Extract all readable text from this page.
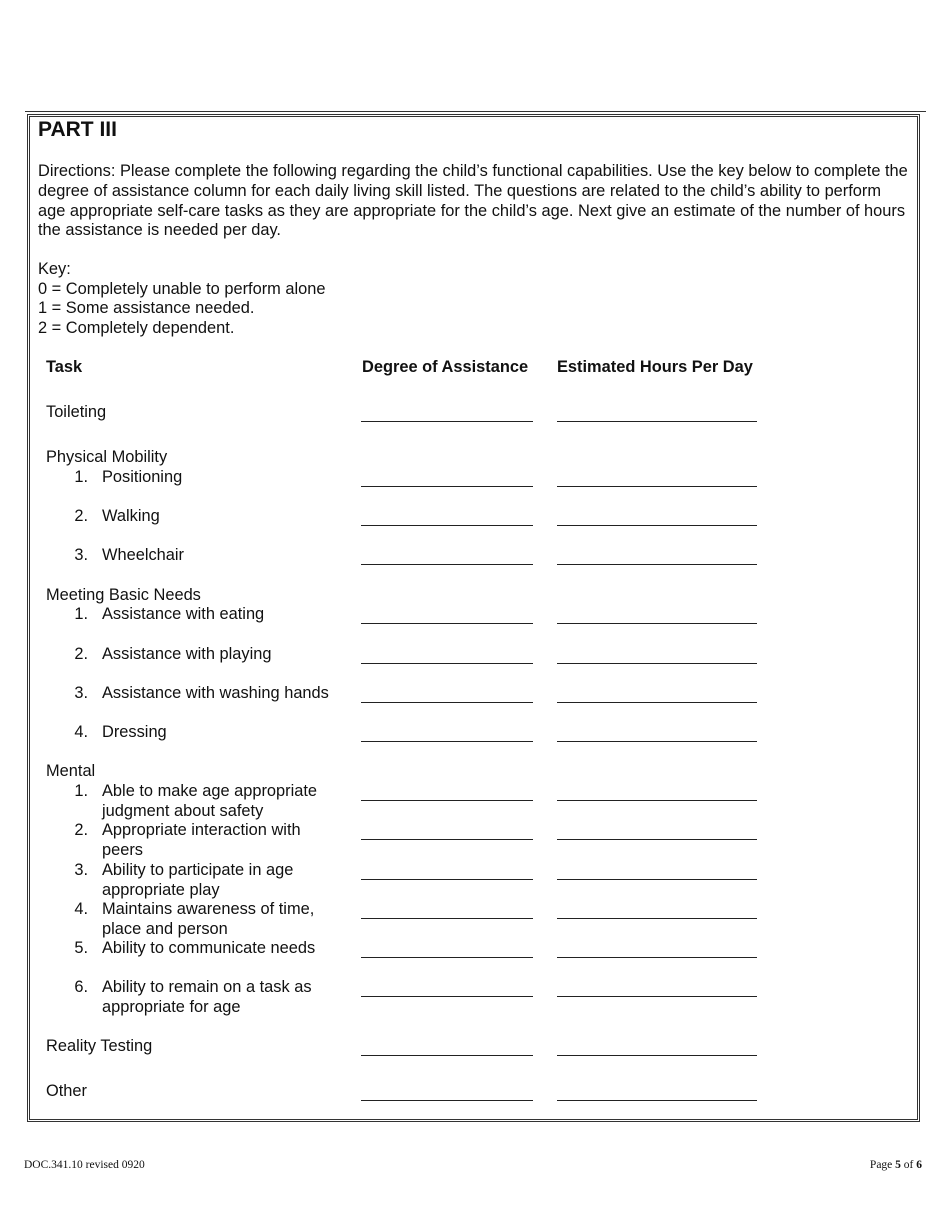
PART III

Directions: Please complete the following regarding the child’s functional capabilities. Use the key below to complete the degree of assistance column for each daily living skill listed. The questions are related to the child’s ability to perform age appropriate self-care tasks as they are appropriate for the child’s age. Next give an estimate of the number of hours the assistance is needed per day.

Key:
0 = Completely unable to perform alone
1 = Some assistance needed.
2 = Completely dependent.
Task	Degree of Assistance Estimated Hours Per Day
Toileting
Physical Mobility
1. Positioning
2. Walking
3. Wheelchair
Meeting Basic Needs
1. Assistance with eating
2. Assistance with playing
3. Assistance with washing hands
4. Dressing
Mental
1. Able to make age appropriate
judgment about safety
2. Appropriate interaction with
peers
3. Ability to participate in age
appropriate play
4. Maintains awareness of time,
place and person
5. Ability to communicate needs
6. Ability to remain on a task as
appropriate for age
Reality Testing
Other
DOC.341.10 revised 0920	Page 5 of 6
